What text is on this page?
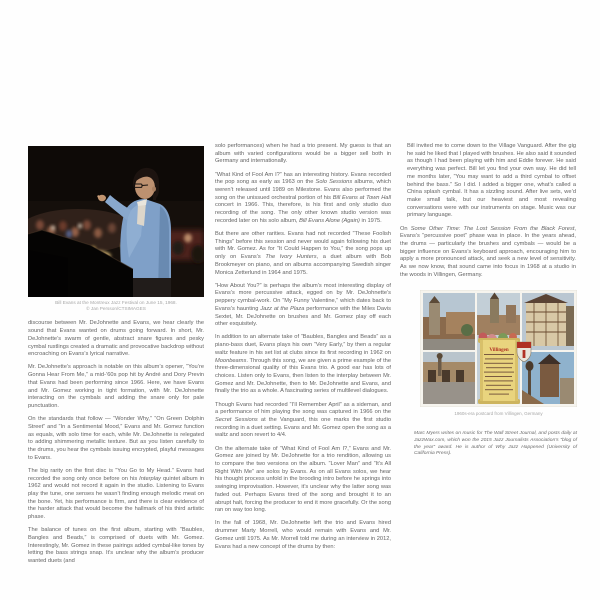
Bill Evans at the Montreux Jazz Festival on June 15, 1968.
© Jan Persson/CTSIMAGES

discourse between Mr. DeJohnette and Evans, we hear clearly the sound that Evans wanted on drums going forward. In short, Mr. DeJohnette’s swarm of gentle, abstract snare figures and pesky cymbal rustlings created a dramatic and provocative backdrop without encroaching on Evans’s lyrical narrative.

Mr. DeJohnette’s approach is notable on this album’s opener, “You’re Gonna Hear From Me,” a mid-’60s pop hit by André and Dory Previn that Evans had been performing since 1966. Here, we have Evans and Mr. Gomez working in tight formation, with Mr. DeJohnette interacting on the cymbals and adding the snare only for pale punctuation.

On the standards that follow — “Wonder Why,” “On Green Dolphin Street” and “In a Sentimental Mood,” Evans and Mr. Gomez function as equals, with solo time for each, while Mr. DeJohnette is relegated to adding shimmering metallic texture. But as you listen carefully to the drums, you hear the cymbals issuing encrypted, playful messages to Evans.

The big rarity on the first disc is “You Go to My Head.” Evans had recorded the song only once before on his Interplay quintet album in 1962 and would not record it again in the studio. Listening to Evans play the tune, one senses he wasn’t finding enough melodic meat on the bone. Yet, his performance is firm, and there is clear evidence of the harder attack that would become the hallmark of his third artistic phase.

The balance of tunes on the first album, starting with “Baubles, Bangles and Beads,” is comprised of duets with Mr. Gomez. Interestingly, Mr. Gomez in these pairings added cymbal-like tones by letting the bass strings snap. It’s unclear why the album’s producer wanted duets (and

solo performances) when he had a trio present. My guess is that an album with varied configurations would be a bigger sell both in Germany and internationally.

“What Kind of Fool Am I?” has an interesting history. Evans recorded the pop song as early as 1963 on the Solo Sessions albums, which weren’t released until 1989 on Milestone. Evans also performed the song on the unissued orchestral portion of his Bill Evans at Town Hall concert in 1966. This, therefore, is his first and only studio duo recording of the song. The only other known studio version was recorded later on his solo album, Bill Evans Alone (Again) in 1975.

But there are other rarities. Evans had not recorded “These Foolish Things” before this session and never would again following his duet with Mr. Gomez. As for “It Could Happen to You,” the song pops up only on Evans’s The Ivory Hunters, a duet album with Bob Brookmeyer on piano, and on albums accompanying Swedish singer Monica Zetterlund in 1964 and 1975.

“How About You?” is perhaps the album’s most interesting display of Evans’s more percussive attack, egged on by Mr. DeJohnette’s peppery cymbal-work. On “My Funny Valentine,” which dates back to Evans’s haunting Jazz at the Plaza performance with the Miles Davis Sextet, Mr. DeJohnette on brushes and Mr. Gomez play off each other exquisitely.

In addition to an alternate take of “Baubles, Bangles and Beads” as a piano-bass duet, Evans plays his own “Very Early,” by then a regular waltz feature in his set list at clubs since its first recording in 1962 on Moonbeams. Through this song, we are given a prime example of the three-dimensional quality of this Evans trio. A good ear has lots of choices. Listen only to Evans, then listen to the interplay between Mr. Gomez and Mr. DeJohnette, then to Mr. DeJohnette and Evans, and finally the trio as a whole. A fascinating series of multilevel dialogues.

Though Evans had recorded “I’ll Remember April” as a sideman, and a performance of him playing the song was captured in 1966 on the Secret Sessions at the Vanguard, this one marks the first studio recording in a duet setting. Evans and Mr. Gomez open the song as a waltz and soon revert to 4/4.

On the alternate take of “What Kind of Fool Am I?,” Evans and Mr. Gomez are joined by Mr. DeJohnette for a trio rendition, allowing us to compare the two versions on the album. “Lover Man” and “It’s All Right With Me” are solos by Evans. As on all Evans solos, we hear his thought process unfold in the brooding intro before he springs into swinging improvisation. However, it’s unclear why the latter song was faded out. Perhaps Evans tired of the song and brought it to an abrupt halt, forcing the producer to end it more gracefully. Or the song ran on way too long.

In the fall of 1968, Mr. DeJohnette left the trio and Evans hired drummer Marty Morrell, who would remain with Evans and Mr. Gomez until 1975. As Mr. Morrell told me during an interview in 2012, Evans had a new concept of the drums by then:

Bill invited me to come down to the Village Vanguard. After the gig he said he liked that I played with brushes. He also said it sounded as though I had been playing with him and Eddie forever. He said everything was perfect. Bill let you find your own way. He did tell me months later, “You may want to add a third cymbal to offset behind the bass.” So I did. I added a bigger one, what’s called a China splash cymbal. It has a sizzling sound. After live sets, we’d make small talk, but our heaviest and most revealing conversations were with our instruments on stage. Music was our primary language.

On Some Other Time: The Lost Session From the Black Forest, Evans’s “percussive poet” phase was in place. In the years ahead, the drums — particularly the brushes and cymbals — would be a bigger influence on Evans’s keyboard approach, encouraging him to apply a more pronounced attack, and seek a new level of sensitivity. As we now know, that sound came into focus in 1968 at a studio in the woods in Villingen, Germany.

Villingen
1960s-era postcard from Villingen, Germany

Marc Myers writes on music for The Wall Street Journal, and posts daily at JazzWax.com, which won the 2015 Jazz Journalists Association’s “blog of the year” award. He is author of Why Jazz Happened (University of California Press).
